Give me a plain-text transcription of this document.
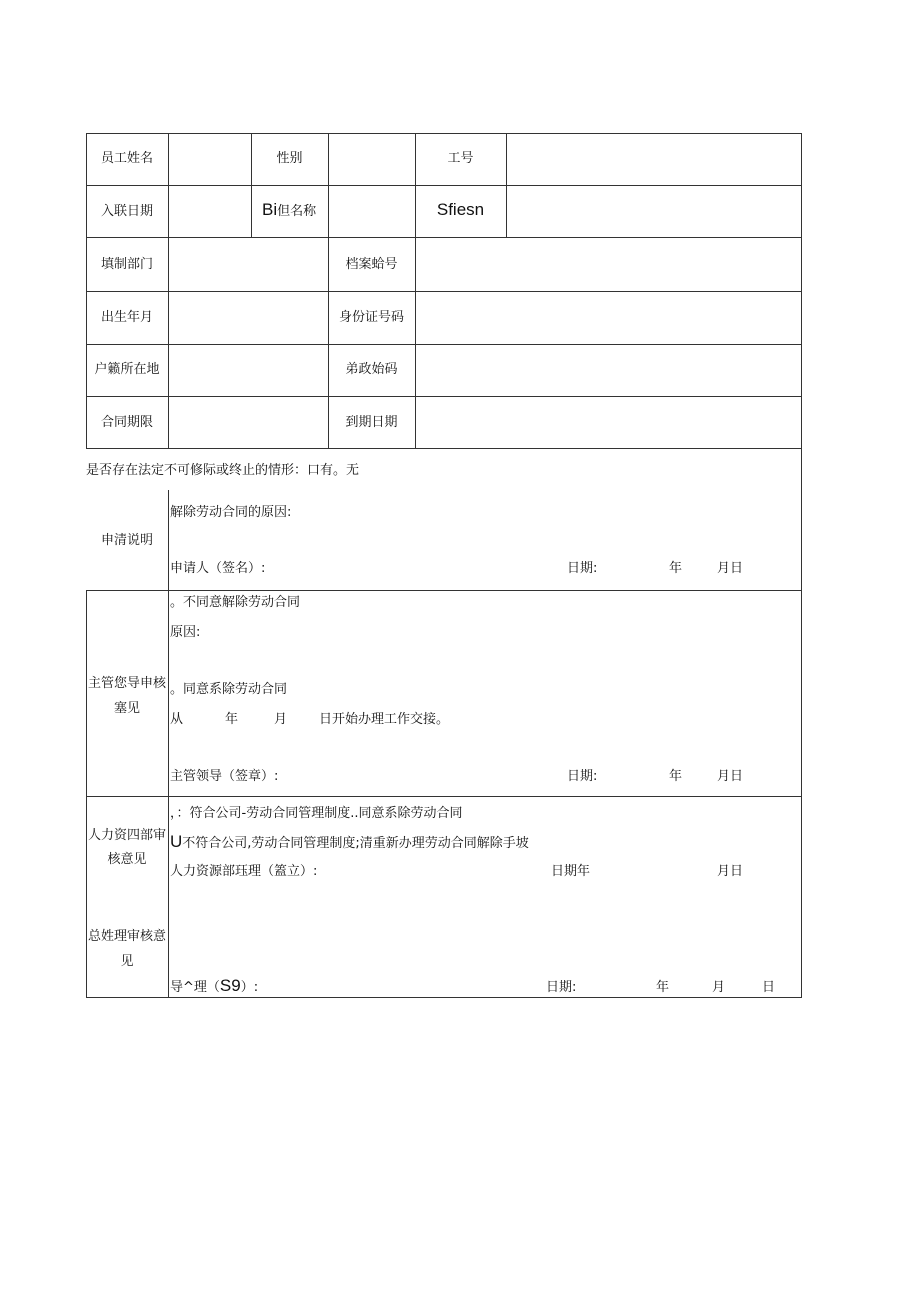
员工姓名	性别	工号
入联日期	Bi但名称	Sfiesn
填制部门	档案蛤号
出生年月	身份证号码
户籁所在地	弟政始码
合同期限	到期日期
是否存在法定不可修际或终止的情形：口有。无
申清说明
解除劳动合同的原因:
申请人（签名）:	日期:	年	月日
主管您导申核
塞见
。不同意解除劳动合同
原因:
。同意系除劳动合同
从	年	月 日开始办理工作交接。
主管领导（签章）:	日期:	年	月日
人力资四部审
核意见
，：符合公司-劳动合同管理制度..同意系除劳动合同
U不符合公司,劳动合同管理制度;清重新办理劳动合同解除手坡
人力资源部珏理（篕立）:	日期年	月日
总姓理审核意
见
导^理（S9）:	日期:	年	月	日
